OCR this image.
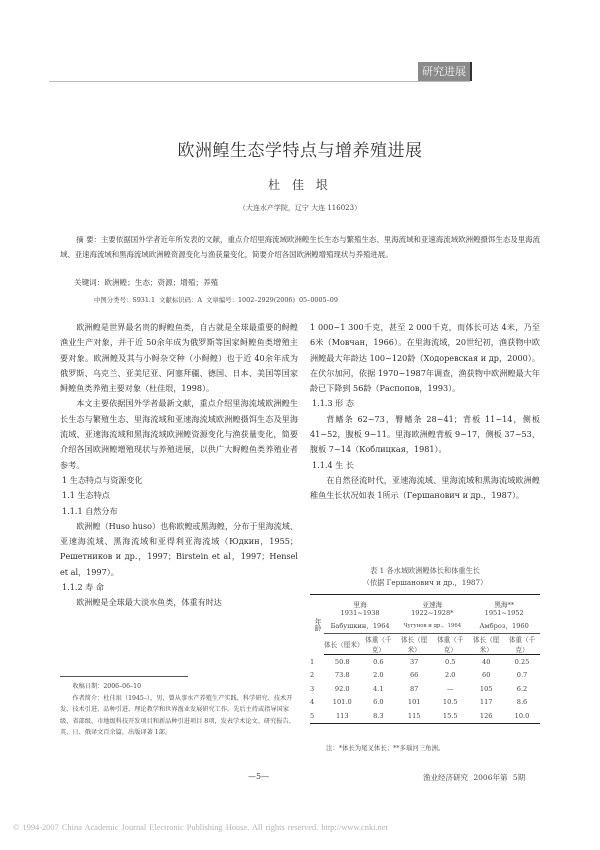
研究进展
欧洲鳇生态学特点与增养殖进展
杜 佳 垠
（大连水产学院，辽宁 大连 116023）
摘 要：主要依据国外学者近年所发表的文献，重点介绍里海流域欧洲鳇生长生态与繁殖生态、里海流域和亚速海流域欧洲鳇摄饵生态及里海流域、亚速海流域和黑海流域欧洲鳇资源变化与渔获量变化，简要介绍各国欧洲鳇增殖现状与养殖进展。
关键词：欧洲鳇；生态；资源；增殖；养殖
中图分类号：S931.1 文献标识码：A 文章编号：1002–2929(2006) 05–0005–09

欧洲鳇是世界最名贵的鲟鳇鱼类，自古就是全球最重要的鲟鳇渔业生产对象，并于近 50余年成为俄罗斯等国家鲟鳇鱼类增殖主要对象。欧洲鳇及其与小鲟杂交种（小鲟鳇）也于近 40余年成为俄罗斯、乌克兰、亚美尼亚、阿塞拜疆、德国、日本、美国等国家鲟鳇鱼类养殖主要对象（杜佳垠，1998）。

本文主要依据国外学者最新文献，重点介绍里海流域欧洲鳇生长生态与繁殖生态、里海流域和亚速海流域欧洲鳇摄饵生态及里海流域、亚速海流域和黑海流域欧洲鳇资源变化与渔获量变化，简要介绍各国欧洲鳇增殖现状与养殖进展，以供广大鲟鳇鱼类养殖业者参考。

1 生态特点与资源变化

1.1 生态特点

1.1.1 自然分布

欧洲鳇（Huso huso）也称欧鳇或黑海鳇，分布于里海流域、亚速海流域、黑海流域和亚得利亚海流域（Юдкин，1955；Решетников и др.，1997；Birstein et al，1997；Hensel et al，1997）。

1.1.2 寿 命

欧洲鳇是全球最大淡水鱼类，体重有时达

收稿日期：2006–06–10

作者简介：杜佳垠（1945–），男，曾从事水产养殖生产实践、科学研究、技术开发、技术引进、品种引进、理论教学和世界渔业发展研究工作。先后主持或指导国家级、省部级、市地级科技开发项目和新品种引进项目 8项，发表学术论文、研究报告、英、日、俄译文百余篇，出版译著 1部。

1 000~1 300千克，甚至 2 000千克，而体长可达 4米，乃至 6米（Мовчан，1966）。在里海流域，20世纪初，渔获物中欧洲鳇最大年龄达 100~120龄（Ходоревская и др，2000）。在伏尔加河，依据 1970~1987年调查，渔获物中欧洲鳇最大年龄已下降到 56龄（Распопов，1993）。

1.1.3 形 态

背鳍条 62~73，臀鳍条 28~41；背板 11~14，侧板 41~52，腹板 9~11。里海欧洲鳇背板 9~17，侧板 37~53，腹板 7~14（Коблицкая，1981）。

1.1.4 生 长

在自然径流时代，亚速海流域、里海流域和黑海流域欧洲鳇稚鱼生长状况如表 1所示（Гершанович и др.，1987）。

表 1 各水域欧洲鳇体长和体重生长
（依据 Гершанович и др.，1987）

年龄	里海		亚速海		黑海**	
	1931~1938		1922~1928*		1951~1952	
	Бабушкин，1964		Чугунов и др.，1964		Амброз，1960	
	体长（厘米）	体重（千克）	体长（厘米）	体重（千克）	体长（厘米）	体重（千克）
1	50.8	0.6	37	0.5	40	0.25
2	73.8	2.0	66	2.0	60	0.7
3	92.0	4.1	87	—	105	6.2
4	101.0	6.0	101	10.5	117	8.6
5	113	8.3	115	15.5	126	10.0
注：*体长为尾叉体长；**多瑙河三角洲。
—5—	渔业经济研究 2006年第 5期
© 1994-2007 China Academic Journal Electronic Publishing House. All rights reserved. http://www.cnki.net
